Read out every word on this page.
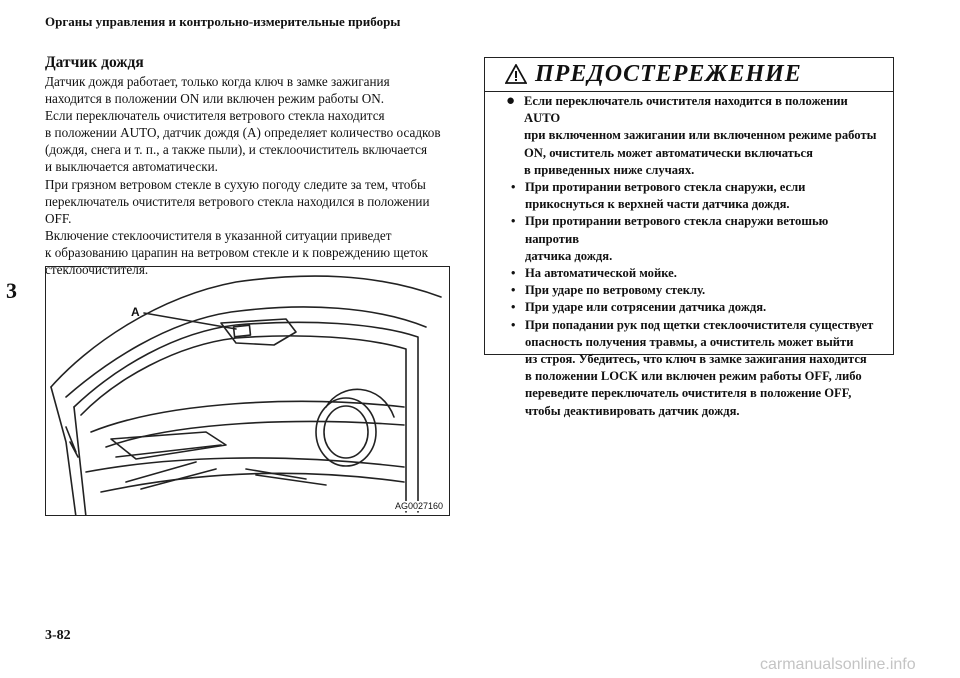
Органы управления и контрольно-измерительные приборы
3
Датчик дождя

Датчик дождя работает, только когда ключ в замке зажигания

находится в положении ON или включен режим работы ON.

Если переключатель очистителя ветрового стекла находится

в положении AUTO, датчик дождя (A) определяет количество осадков

(дождя, снега и т. п., а также пыли), и стеклоочиститель включается

и выключается автоматически.

При грязном ветровом стекле в сухую погоду следите за тем, чтобы

переключатель очистителя ветрового стекла находился в положении

OFF.

Включение стеклоочистителя в указанной ситуации приведет

к образованию царапин на ветровом стекле и к повреждению щеток

стеклоочистителя.

A
AG0027160
ПРЕДОСТЕРЕЖЕНИЕ
● Если переключатель очистителя находится в положении AUTO
при включенном зажигании или включенном режиме работы
ON, очиститель может автоматически включаться
в приведенных ниже случаях.
• При протирании ветрового стекла снаружи, если
прикоснуться к верхней части датчика дождя.
• При протирании ветрового стекла снаружи ветошью напротив
датчика дождя.
• На автоматической мойке.
• При ударе по ветровому стеклу.
• При ударе или сотрясении датчика дождя.
• При попадании рук под щетки стеклоочистителя существует
опасность получения травмы, а очиститель может выйти
из строя. Убедитесь, что ключ в замке зажигания находится
в положении LOCK или включен режим работы OFF, либо
переведите переключатель очистителя в положение OFF,
чтобы деактивировать датчик дождя.
3-82
carmanualsonline.info
